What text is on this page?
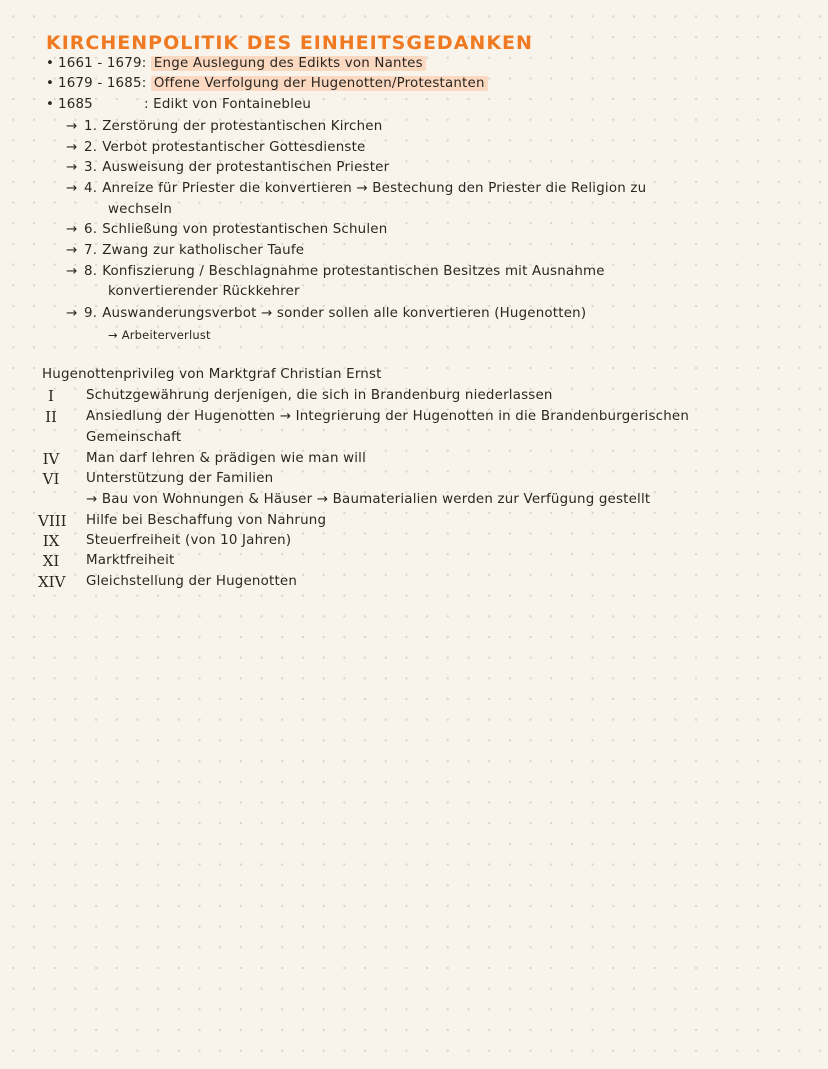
KIRCHENPOLITIK DES EINHEITSGEDANKEN
• 1661 - 1679: Enge Auslegung des Edikts von Nantes
• 1679 - 1685: Offene Verfolgung der Hugenotten/Protestanten
• 1685	: Edikt von Fontainebleu
→ 1. Zerstörung der protestantischen Kirchen
→ 2. Verbot protestantischer Gottesdienste
→ 3. Ausweisung der protestantischen Priester
→ 4. Anreize für Priester die konvertieren → Bestechung den Priester die Religion zu
wechseln
→ 6. Schließung von protestantischen Schulen
→ 7. Zwang zur katholischer Taufe
→ 8. Konfiszierung / Beschlagnahme protestantischen Besitzes mit Ausnahme
konvertierender Rückkehrer
→ 9. Auswanderungsverbot → sonder sollen alle konvertieren (Hugenotten)
→ Arbeiterverlust
Hugenottenprivileg von Marktgraf Christian Ernst
I	Schutzgewährung derjenigen, die sich in Brandenburg niederlassen
II	Ansiedlung der Hugenotten → Integrierung der Hugenotten in die Brandenburgerischen
Gemeinschaft
IV	Man darf lehren & prädigen wie man will
VI	Unterstützung der Familien
→ Bau von Wohnungen & Häuser → Baumaterialien werden zur Verfügung gestellt
VIII Hilfe bei Beschaffung von Nahrung
IX	Steuerfreiheit (von 10 Jahren)
XI	Marktfreiheit
XIV Gleichstellung der Hugenotten
